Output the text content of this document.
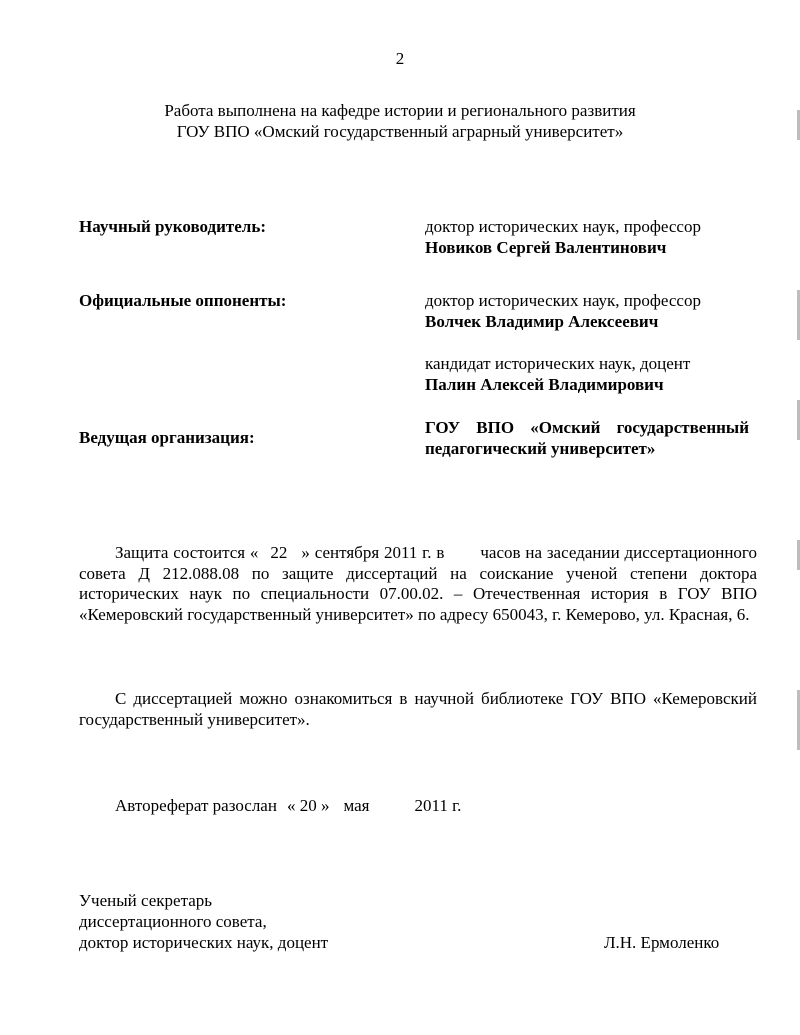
2
Работа выполнена на кафедре истории и регионального развития
ГОУ ВПО «Омский государственный аграрный университет»
Научный руководитель:	доктор исторических наук, профессор
Новиков Сергей Валентинович
Официальные оппоненты:	доктор исторических наук, профессор
Волчек Владимир Алексеевич
кандидат исторических наук, доцент
Палин Алексей Владимирович
Ведущая организация:
ГОУ ВПО «Омский государственный
педагогический университет»
Защита состоится « 22 » сентября 2011 г. в часов на заседании диссертационного совета Д 212.088.08 по защите диссертаций на соискание ученой степени доктора исторических наук по специальности 07.00.02. – Отечественная история в ГОУ ВПО «Кемеровский государственный университет» по адресу 650043, г. Кемерово, ул. Красная, 6.
С диссертацией можно ознакомиться в научной библиотеке ГОУ ВПО «Кемеровский государственный университет».
Автореферат разослан « 20 » мая	2011 г.
Ученый секретарь
диссертационного совета,
доктор исторических наук, доцент	Л.Н. Ермоленко
